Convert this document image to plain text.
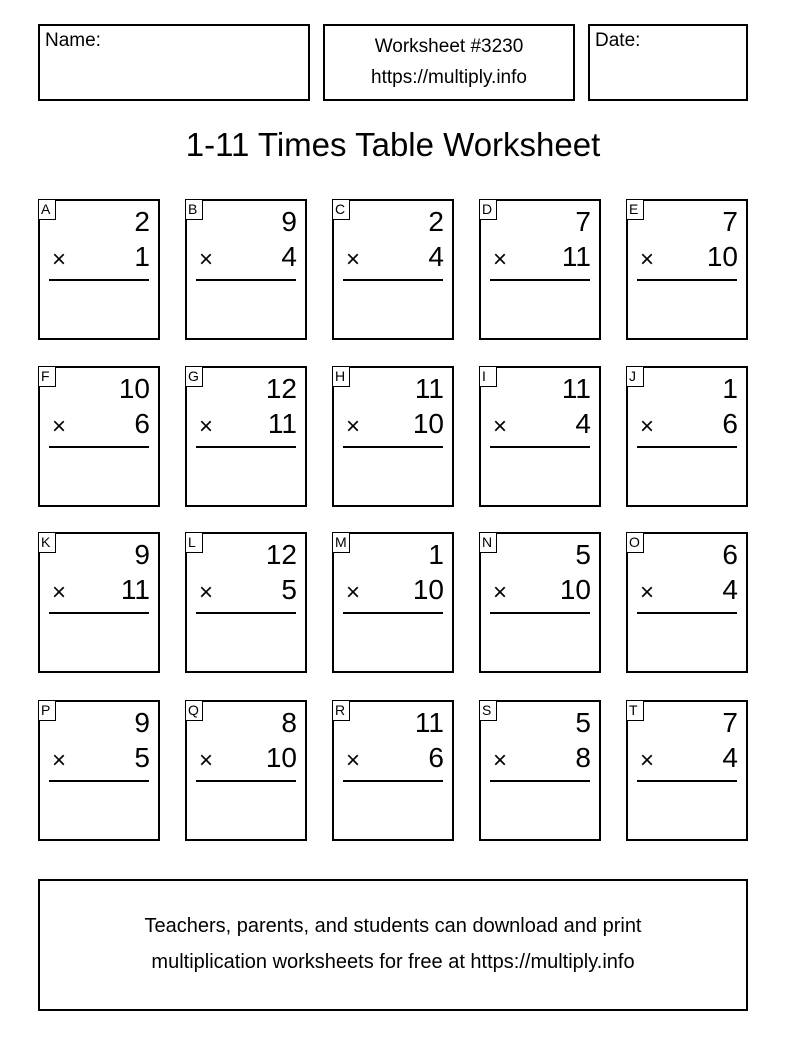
Name:	Worksheet #3230
https://multiply.info
Date:
1-11 Times Table Worksheet
A	2
× 1
B	9
× 4
C	2
× 4
D	7
× 11
E	7
× 10
F 10
× 6
G 12
× 11
H 11
× 10
I	11
× 4
J	1
× 6
K	9
× 11
L	12
× 5
M	1
× 10
N	5
× 10
O	6
× 4
P	9
× 5
Q	8
× 10
R 11
× 6
S	5
× 8
T	7
× 4
Teachers, parents, and students can download and print
multiplication worksheets for free at https://multiply.info
